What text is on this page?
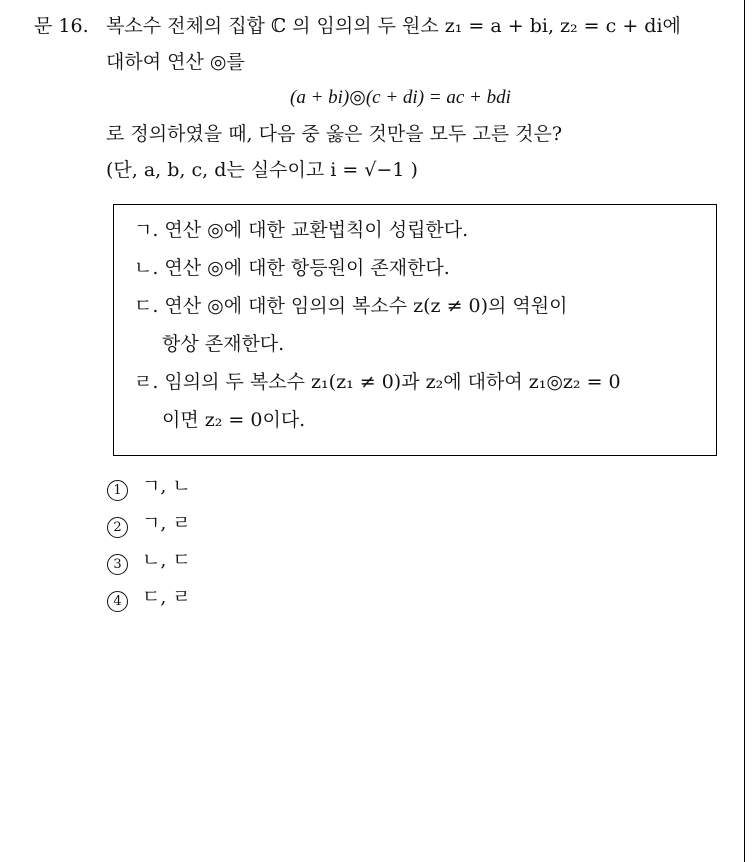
문 16. 복소수 전체의 집합 ℂ 의 임의의 두 원소 z₁ = a + bi, z₂ = c + di에
대하여 연산 ◎를
(a + bi)◎(c + di) = ac + bdi
로 정의하였을 때, 다음 중 옳은 것만을 모두 고른 것은?
(단, a, b, c, d는 실수이고 i = √−1 )
ㄱ. 연산 ◎에 대한 교환법칙이 성립한다.
ㄴ. 연산 ◎에 대한 항등원이 존재한다.
ㄷ. 연산 ◎에 대한 임의의 복소수 z(z ≠ 0)의 역원이
항상 존재한다.
ㄹ. 임의의 두 복소수 z₁(z₁ ≠ 0)과 z₂에 대하여 z₁◎z₂ = 0
이면 z₂ = 0이다.
1 ㄱ, ㄴ
2 ㄱ, ㄹ
3 ㄴ, ㄷ
4 ㄷ, ㄹ
